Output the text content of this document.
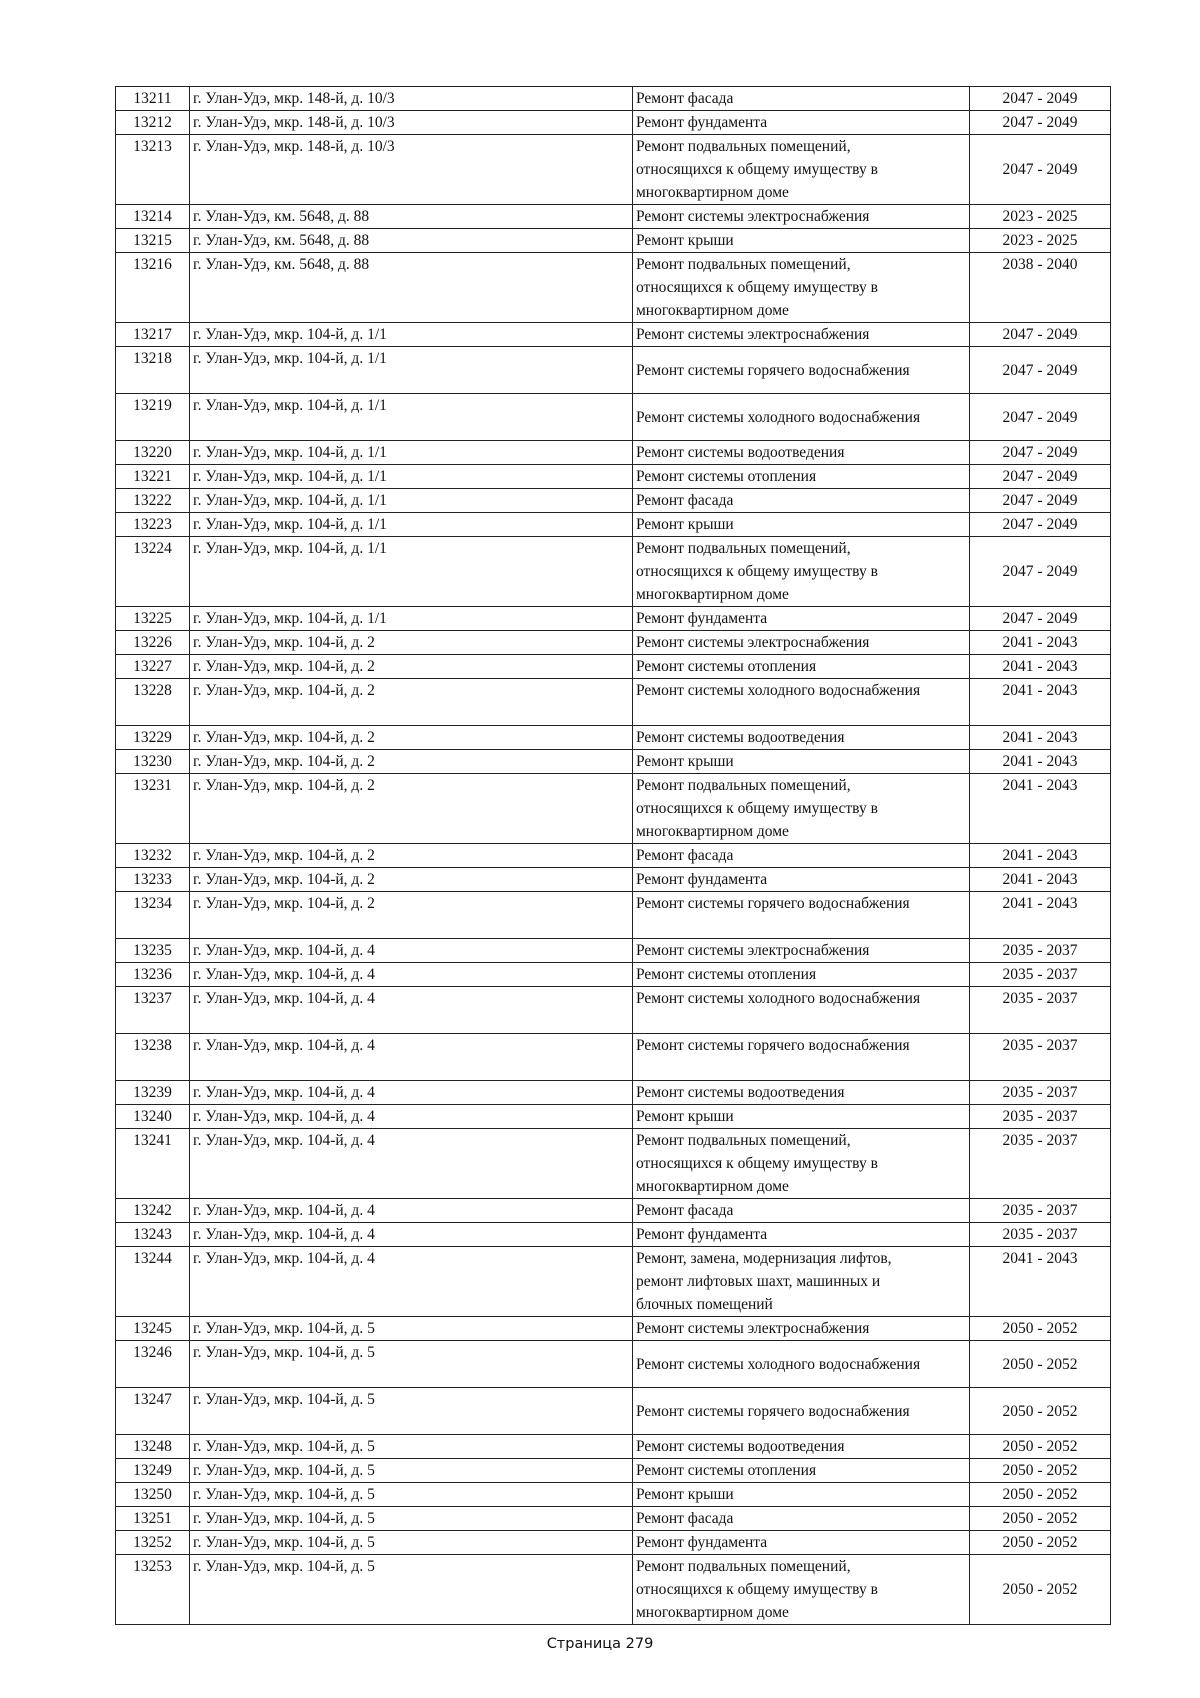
13211	г. Улан-Удэ, мкр. 148-й, д. 10/3	Ремонт фасада	2047 - 2049
13212	г. Улан-Удэ, мкр. 148-й, д. 10/3	Ремонт фундамента	2047 - 2049
13213	г. Улан-Удэ, мкр. 148-й, д. 10/3	Ремонт подвальных помещений,
относящихся к общему имуществу в
многоквартирном доме	2047 - 2049
13214	г. Улан-Удэ, км. 5648, д. 88	Ремонт системы электроснабжения	2023 - 2025
13215	г. Улан-Удэ, км. 5648, д. 88	Ремонт крыши	2023 - 2025
13216	г. Улан-Удэ, км. 5648, д. 88	Ремонт подвальных помещений,
относящихся к общему имуществу в
многоквартирном доме	2038 - 2040
13217	г. Улан-Удэ, мкр. 104-й, д. 1/1	Ремонт системы электроснабжения	2047 - 2049
13218	г. Улан-Удэ, мкр. 104-й, д. 1/1	Ремонт системы горячего водоснабжения	2047 - 2049
13219	г. Улан-Удэ, мкр. 104-й, д. 1/1	Ремонт системы холодного водоснабжения	2047 - 2049
13220	г. Улан-Удэ, мкр. 104-й, д. 1/1	Ремонт системы водоотведения	2047 - 2049
13221	г. Улан-Удэ, мкр. 104-й, д. 1/1	Ремонт системы отопления	2047 - 2049
13222	г. Улан-Удэ, мкр. 104-й, д. 1/1	Ремонт фасада	2047 - 2049
13223	г. Улан-Удэ, мкр. 104-й, д. 1/1	Ремонт крыши	2047 - 2049
13224	г. Улан-Удэ, мкр. 104-й, д. 1/1	Ремонт подвальных помещений,
относящихся к общему имуществу в
многоквартирном доме	2047 - 2049
13225	г. Улан-Удэ, мкр. 104-й, д. 1/1	Ремонт фундамента	2047 - 2049
13226	г. Улан-Удэ, мкр. 104-й, д. 2	Ремонт системы электроснабжения	2041 - 2043
13227	г. Улан-Удэ, мкр. 104-й, д. 2	Ремонт системы отопления	2041 - 2043
13228	г. Улан-Удэ, мкр. 104-й, д. 2	Ремонт системы холодного водоснабжения	2041 - 2043
13229	г. Улан-Удэ, мкр. 104-й, д. 2	Ремонт системы водоотведения	2041 - 2043
13230	г. Улан-Удэ, мкр. 104-й, д. 2	Ремонт крыши	2041 - 2043
13231	г. Улан-Удэ, мкр. 104-й, д. 2	Ремонт подвальных помещений,
относящихся к общему имуществу в
многоквартирном доме	2041 - 2043
13232	г. Улан-Удэ, мкр. 104-й, д. 2	Ремонт фасада	2041 - 2043
13233	г. Улан-Удэ, мкр. 104-й, д. 2	Ремонт фундамента	2041 - 2043
13234	г. Улан-Удэ, мкр. 104-й, д. 2	Ремонт системы горячего водоснабжения	2041 - 2043
13235	г. Улан-Удэ, мкр. 104-й, д. 4	Ремонт системы электроснабжения	2035 - 2037
13236	г. Улан-Удэ, мкр. 104-й, д. 4	Ремонт системы отопления	2035 - 2037
13237	г. Улан-Удэ, мкр. 104-й, д. 4	Ремонт системы холодного водоснабжения	2035 - 2037
13238	г. Улан-Удэ, мкр. 104-й, д. 4	Ремонт системы горячего водоснабжения	2035 - 2037
13239	г. Улан-Удэ, мкр. 104-й, д. 4	Ремонт системы водоотведения	2035 - 2037
13240	г. Улан-Удэ, мкр. 104-й, д. 4	Ремонт крыши	2035 - 2037
13241	г. Улан-Удэ, мкр. 104-й, д. 4	Ремонт подвальных помещений,
относящихся к общему имуществу в
многоквартирном доме	2035 - 2037
13242	г. Улан-Удэ, мкр. 104-й, д. 4	Ремонт фасада	2035 - 2037
13243	г. Улан-Удэ, мкр. 104-й, д. 4	Ремонт фундамента	2035 - 2037
13244	г. Улан-Удэ, мкр. 104-й, д. 4	Ремонт, замена, модернизация лифтов,
ремонт лифтовых шахт, машинных и
блочных помещений	2041 - 2043
13245	г. Улан-Удэ, мкр. 104-й, д. 5	Ремонт системы электроснабжения	2050 - 2052
13246	г. Улан-Удэ, мкр. 104-й, д. 5	Ремонт системы холодного водоснабжения	2050 - 2052
13247	г. Улан-Удэ, мкр. 104-й, д. 5	Ремонт системы горячего водоснабжения	2050 - 2052
13248	г. Улан-Удэ, мкр. 104-й, д. 5	Ремонт системы водоотведения	2050 - 2052
13249	г. Улан-Удэ, мкр. 104-й, д. 5	Ремонт системы отопления	2050 - 2052
13250	г. Улан-Удэ, мкр. 104-й, д. 5	Ремонт крыши	2050 - 2052
13251	г. Улан-Удэ, мкр. 104-й, д. 5	Ремонт фасада	2050 - 2052
13252	г. Улан-Удэ, мкр. 104-й, д. 5	Ремонт фундамента	2050 - 2052
13253	г. Улан-Удэ, мкр. 104-й, д. 5	Ремонт подвальных помещений,
относящихся к общему имуществу в
многоквартирном доме	2050 - 2052
Страница 279
